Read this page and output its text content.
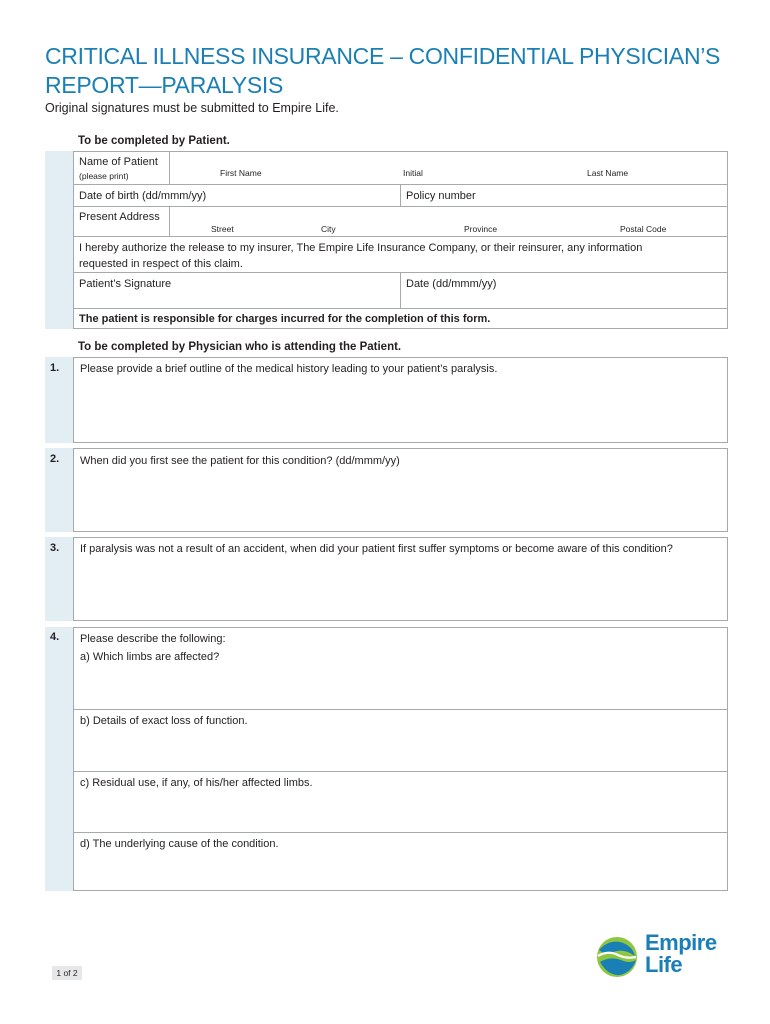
CRITICAL ILLNESS INSURANCE – CONFIDENTIAL PHYSICIAN’S REPORT—PARALYSIS
Original signatures must be submitted to Empire Life.
To be completed by Patient.
Name of Patient
(please print)	First Name	Initial	Last Name
Date of birth (dd/mmm/yy)	Policy number
Present Address
Street	City	Province	Postal Code
I hereby authorize the release to my insurer, The Empire Life Insurance Company, or their reinsurer, any information
requested in respect of this claim.
Patient’s Signature	Date (dd/mmm/yy)
The patient is responsible for charges incurred for the completion of this form.
To be completed by Physician who is attending the Patient.
1. Please provide a brief outline of the medical history leading to your patient’s paralysis.
2. When did you first see the patient for this condition? (dd/mmm/yy)
3. If paralysis was not a result of an accident, when did your patient first suffer symptoms or become aware of this condition?
4. Please describe the following:
a) Which limbs are affected?
b) Details of exact loss of function.
c) Residual use, if any, of his/her affected limbs.
d) The underlying cause of the condition.
1 of 2
Empire
Life
